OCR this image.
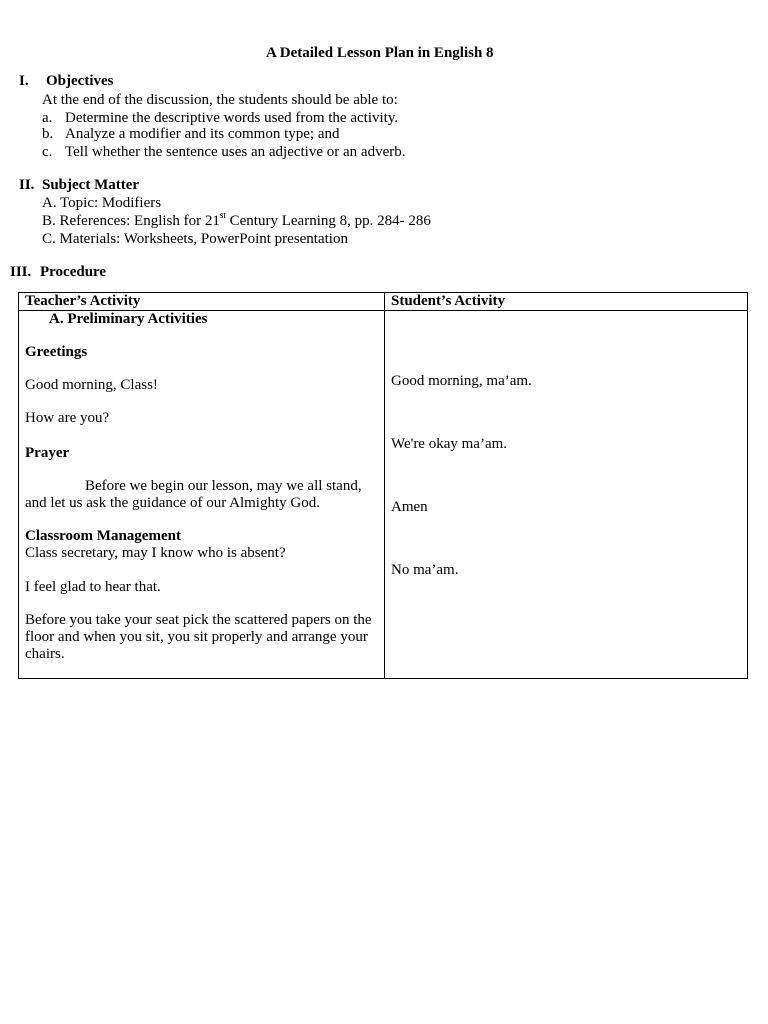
A Detailed Lesson Plan in English 8
I. Objectives
At the end of the discussion, the students should be able to:
a. Determine the descriptive words used from the activity.
b. Analyze a modifier and its common type; and
c. Tell whether the sentence uses an adjective or an adverb.
II. Subject Matter
A. Topic: Modifiers
B. References: English for 21st Century Learning 8, pp. 284- 286
C. Materials: Worksheets, PowerPoint presentation
III. Procedure
Teacher’s Activity	Student’s Activity
A. Preliminary Activities
Greetings
Good morning, Class!
How are you?
Prayer
Before we begin our lesson, may we all stand, and let us ask the guidance of our Almighty God.
Classroom Management
Class secretary, may I know who is absent?
I feel glad to hear that.
Before you take your seat pick the scattered papers on the floor and when you sit, you sit properly and arrange your chairs.
Good morning, ma’am.
We're okay ma’am.
Amen
No ma’am.
